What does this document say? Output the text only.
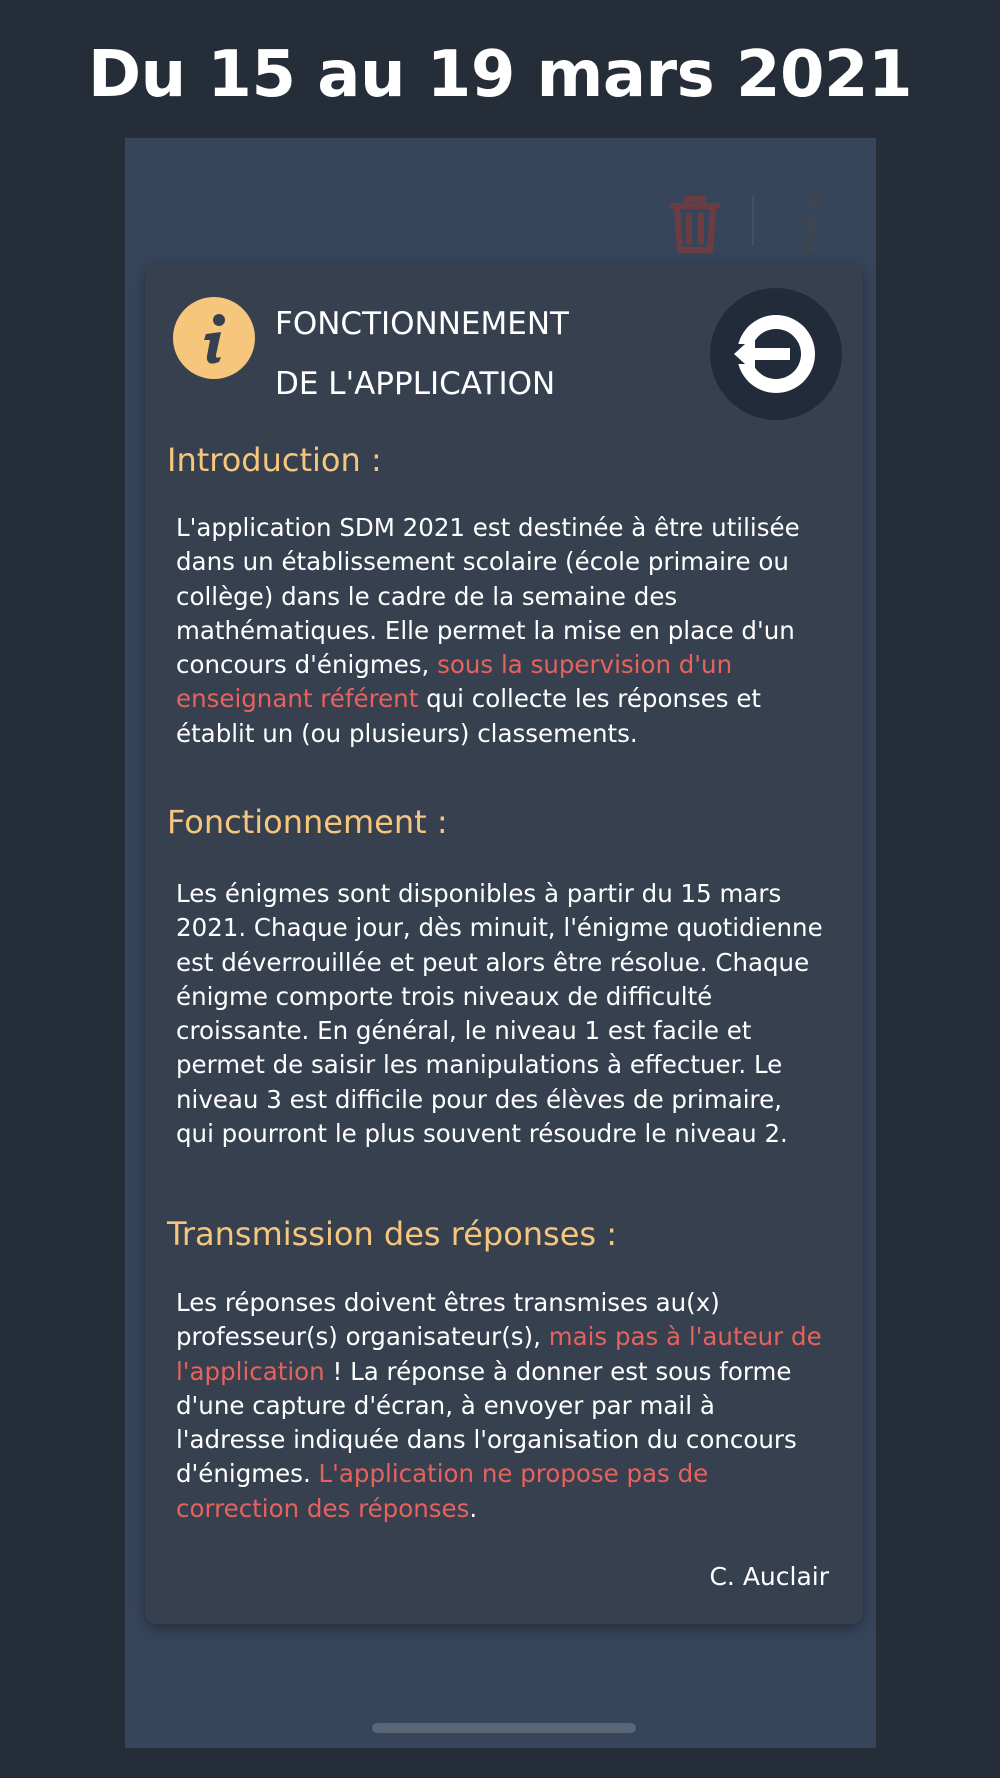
Du 15 au 19 mars 2021
FONCTIONNEMENT
DE L'APPLICATION
Introduction :
L'application SDM 2021 est destinée à être utilisée dans un établissement scolaire (école primaire ou collège) dans le cadre de la semaine des mathématiques. Elle permet la mise en place d'un concours d'énigmes, sous la supervision d'un enseignant référent qui collecte les réponses et établit un (ou plusieurs) classements.
Fonctionnement :
Les énigmes sont disponibles à partir du 15 mars 2021. Chaque jour, dès minuit, l'énigme quotidienne est déverrouillée et peut alors être résolue. Chaque énigme comporte trois niveaux de difficulté croissante. En général, le niveau 1 est facile et permet de saisir les manipulations à effectuer. Le niveau 3 est difficile pour des élèves de primaire, qui pourront le plus souvent résoudre le niveau 2.
Transmission des réponses :
Les réponses doivent êtres transmises au(x) professeur(s) organisateur(s), mais pas à l'auteur de l'application ! La réponse à donner est sous forme d'une capture d'écran, à envoyer par mail à l'adresse indiquée dans l'organisation du concours d'énigmes. L'application ne propose pas de correction des réponses.
C. Auclair
